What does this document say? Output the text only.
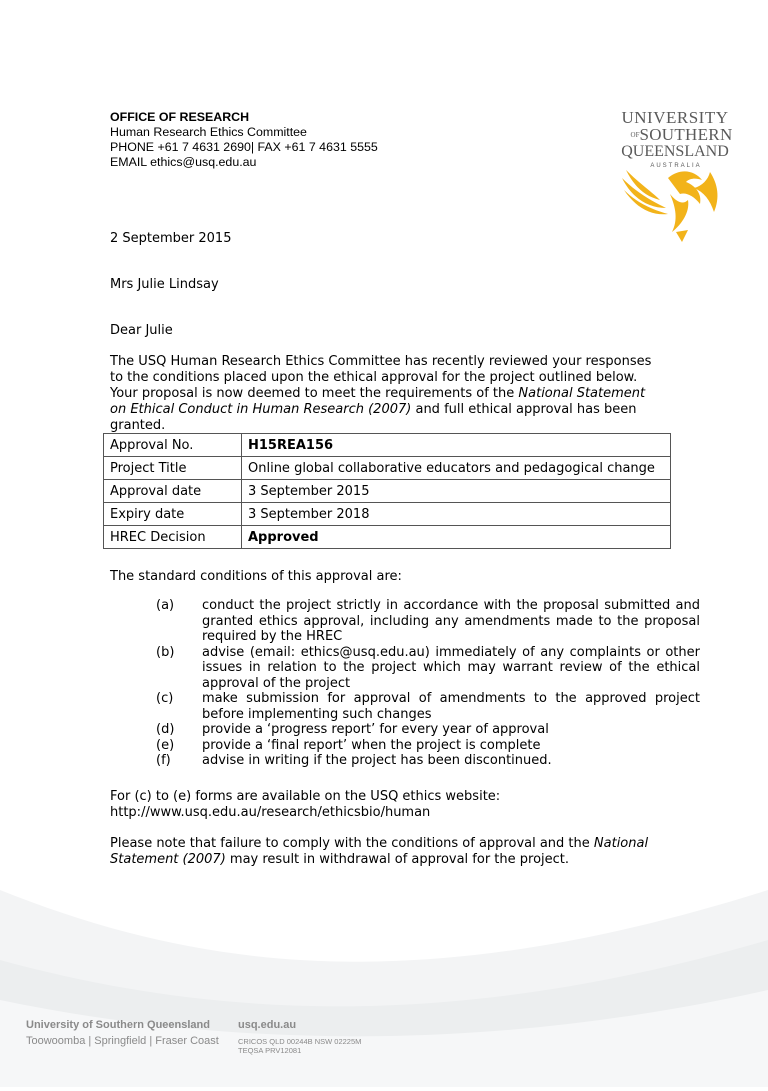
OFFICE OF RESEARCH
Human Research Ethics Committee
PHONE +61 7 4631 2690| FAX +61 7 4631 5555
EMAIL ethics@usq.edu.au
UNIVERSITY
OF SOUTHERN
QUEENSLAND
AUSTRALIA
2 September 2015
Mrs Julie Lindsay
Dear Julie
The USQ Human Research Ethics Committee has recently reviewed your responses to the conditions placed upon the ethical approval for the project outlined below. Your proposal is now deemed to meet the requirements of the National Statement on Ethical Conduct in Human Research (2007) and full ethical approval has been granted.
Approval No.	H15REA156
Project Title	Online global collaborative educators and pedagogical change
Approval date	3 September 2015
Expiry date	3 September 2018
HREC Decision	Approved
The standard conditions of this approval are:
(a)	conduct the project strictly in accordance with the proposal submitted and granted ethics approval, including any amendments made to the proposal required by the HREC
(b)	advise (email: ethics@usq.edu.au) immediately of any complaints or other issues in relation to the project which may warrant review of the ethical approval of the project
(c)	make submission for approval of amendments to the approved project before implementing such changes
(d)	provide a ‘progress report’ for every year of approval
(e)	provide a ‘final report’ when the project is complete
(f)	advise in writing if the project has been discontinued.
For (c) to (e) forms are available on the USQ ethics website:
http://www.usq.edu.au/research/ethicsbio/human
Please note that failure to comply with the conditions of approval and the National Statement (2007) may result in withdrawal of approval for the project.
University of Southern Queensland
Toowoomba | Springfield | Fraser Coast
usq.edu.au
CRICOS QLD 00244B NSW 02225M
TEQSA PRV12081
